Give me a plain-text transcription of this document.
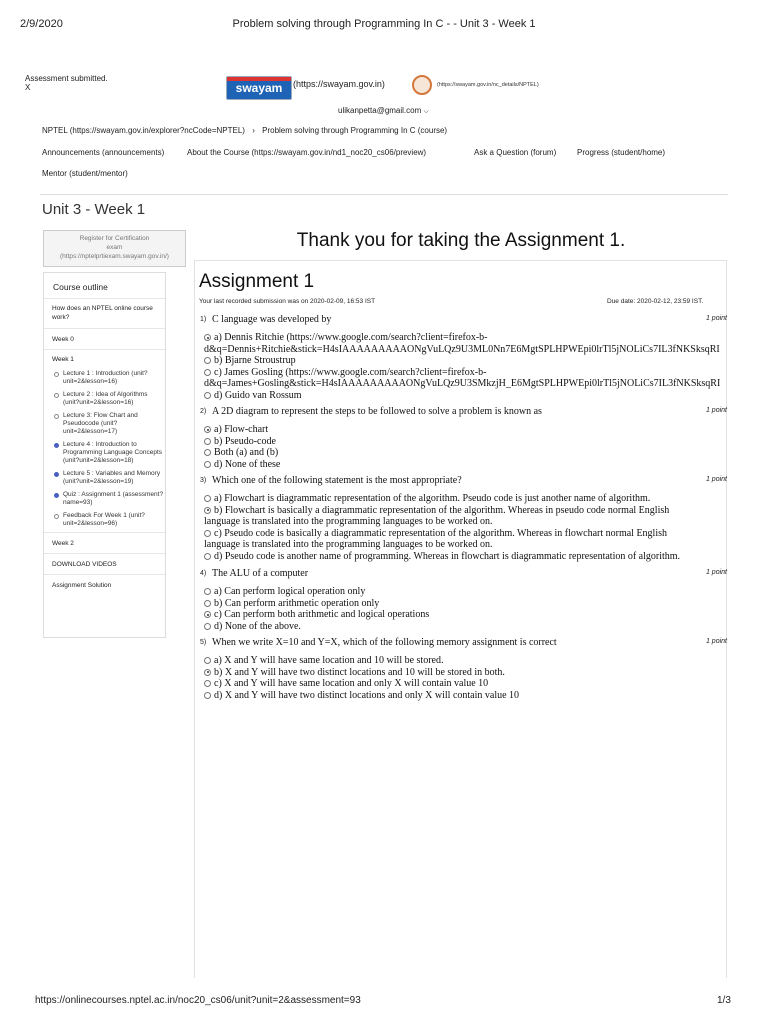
2/9/2020	Problem solving through Programming In C - - Unit 3 - Week 1
Assessment submitted.
X	swayam	(https://swayam.gov.in)	(https://swayam.gov.in/nc_details/NPTEL)
ulikanpetta@gmail.com ⌵
NPTEL (https://swayam.gov.in/explorer?ncCode=NPTEL) › Problem solving through Programming In C (course)
Announcements (announcements)	About the Course (https://swayam.gov.in/nd1_noc20_cs06/preview)	Ask a Question (forum)	Progress (student/home)
Mentor (student/mentor)
Unit 3 - Week 1
Register for Certification
exam
(https://nptelprtiexam.swayam.gov.in/)
Course outline
How does an NPTEL online course work?
Week 0
Week 1
Lecture 1 : Introduction (unit?unit=2&lesson=16)
Lecture 2 : Idea of Algorithms (unit?unit=2&lesson=16)
Lecture 3: Flow Chart and Pseudocode (unit?unit=2&lesson=17)
Lecture 4 : Introduction to Programming Language Concepts (unit?unit=2&lesson=18)
Lecture 5 : Variables and Memory (unit?unit=2&lesson=19)
Quiz : Assignment 1 (assessment?name=93)
Feedback For Week 1 (unit?unit=2&lesson=96)
Week 2
DOWNLOAD VIDEOS
Assignment Solution
Thank you for taking the Assignment 1.
Assignment 1
Your last recorded submission was on 2020-02-09, 16:53 IST	Due date: 2020-02-12, 23:59 IST.
1) C language was developed by	1 point
a) Dennis Ritchie (https://www.google.com/search?client=firefox-b-
d&q=Dennis+Ritchie&stick=H4sIAAAAAAAAAONgVuLQz9U3ML0Nn7E6MgtSPLHPWEpi0lrTl5jNOLiCs7IL3fNKSksqRI
b) Bjarne Stroustrup
c) James Gosling (https://www.google.com/search?client=firefox-b-
d&q=James+Gosling&stick=H4sIAAAAAAAAAONgVuLQz9U3SMkzjH_E6MgtSPLHPWEpi0lrTl5jNOLiCs7IL3fNKSksqRI
d) Guido van Rossum
2) A 2D diagram to represent the steps to be followed to solve a problem is known as	1 point
a) Flow-chart
b) Pseudo-code
Both (a) and (b)
d) None of these
3) Which one of the following statement is the most appropriate?	1 point
a) Flowchart is diagrammatic representation of the algorithm. Pseudo code is just another name of algorithm.
b) Flowchart is basically a diagrammatic representation of the algorithm. Whereas in pseudo code normal English
language is translated into the programming languages to be worked on.
c) Pseudo code is basically a diagrammatic representation of the algorithm. Whereas in flowchart normal English
language is translated into the programming languages to be worked on.
d) Pseudo code is another name of programming. Whereas in flowchart is diagrammatic representation of algorithm.
4) The ALU of a computer	1 point
a) Can perform logical operation only
b) Can perform arithmetic operation only
c) Can perform both arithmetic and logical operations
d) None of the above.
5) When we write X=10 and Y=X, which of the following memory assignment is correct	1 point
a) X and Y will have same location and 10 will be stored.
b) X and Y will have two distinct locations and 10 will be stored in both.
c) X and Y will have same location and only X will contain value 10
d) X and Y will have two distinct locations and only X will contain value 10
https://onlinecourses.nptel.ac.in/noc20_cs06/unit?unit=2&assessment=93	1/3
